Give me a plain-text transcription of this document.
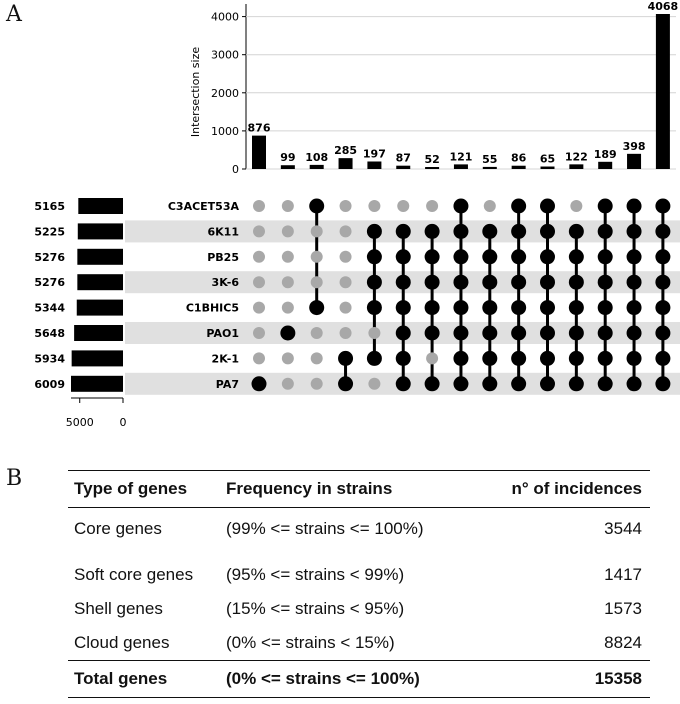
A
0
1000
2000
3000
4000
Intersection size	876
99 108
285 197 87 52 121 55 86 65 122 189
398
4068
5165
5225
5276
5276
5344
5648
5934
6009
5000 0
C3ACET53A
6K11
PB25
3K-6
C1BHIC5
PAO1
2K-1
PA7
B	Type of genes	Frequency in strains	n° of incidences
Core genes	(99% <= strains <= 100%)	3544

Soft core genes	(95% <= strains < 99%)	1417
Shell genes	(15% <= strains < 95%)	1573
Cloud genes	(0% <= strains < 15%)	8824
Total genes	(0% <= strains <= 100%)	15358
